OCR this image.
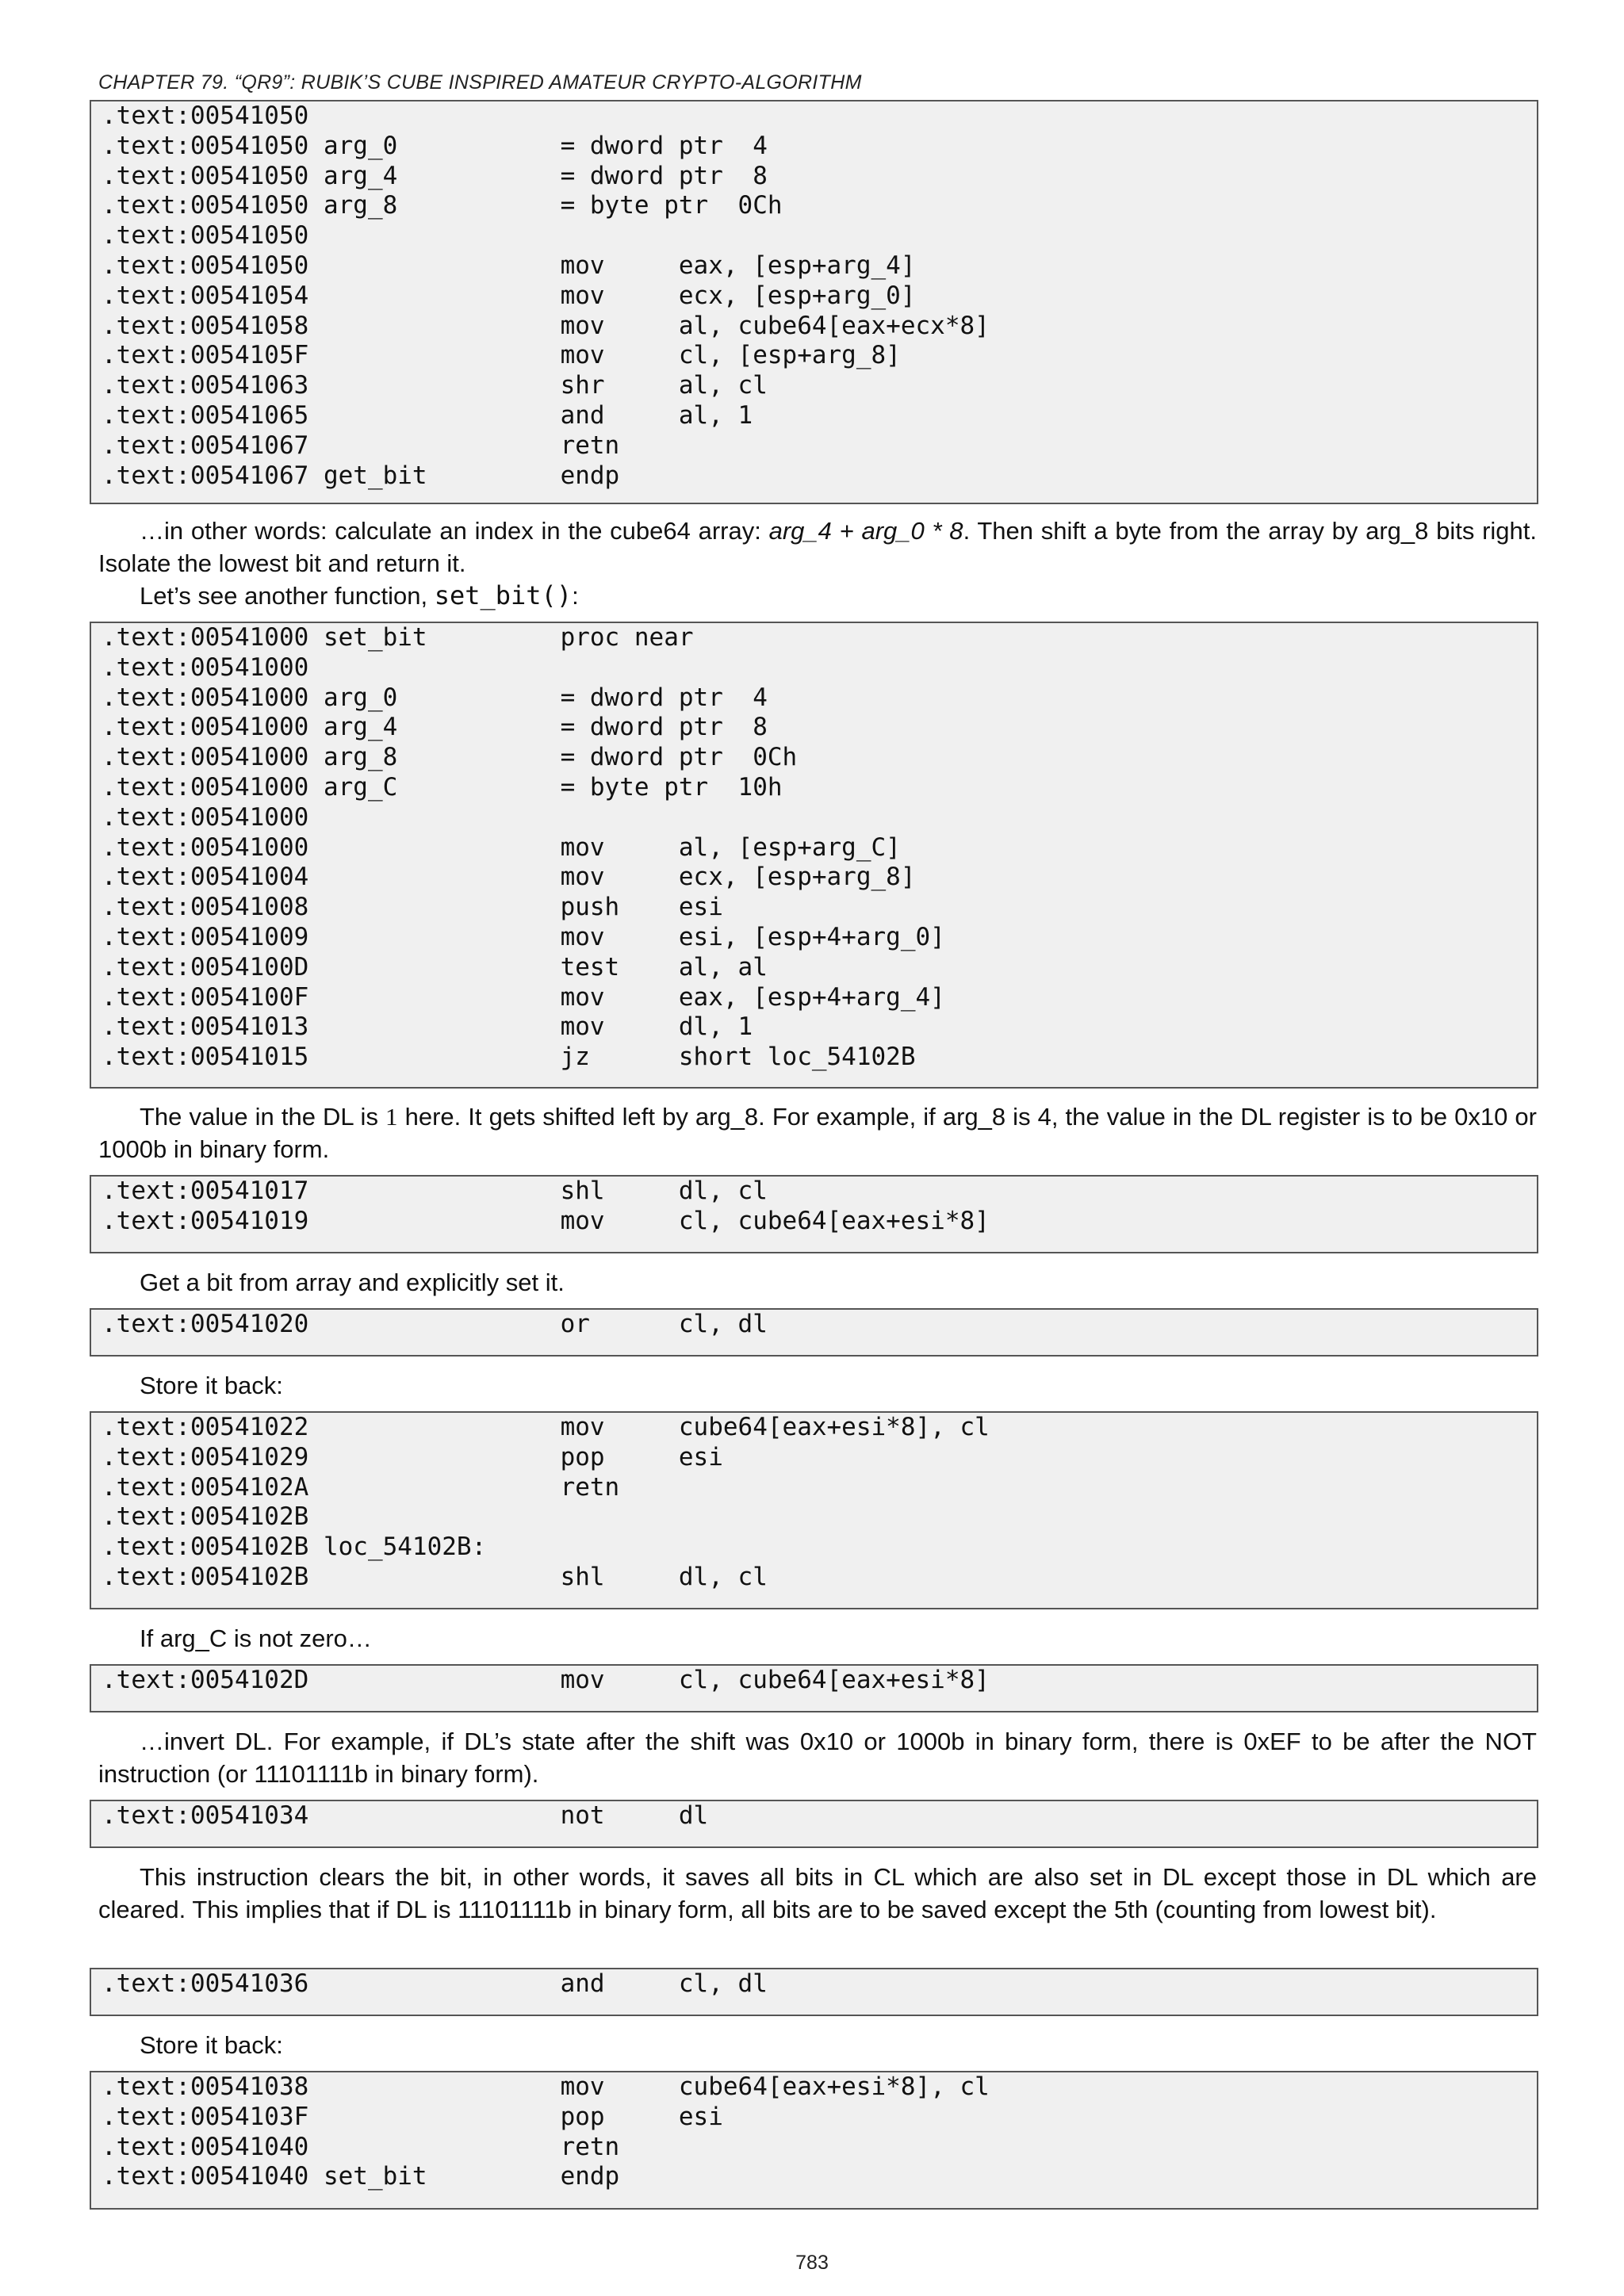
CHAPTER 79. “QR9”: RUBIK’S CUBE INSPIRED AMATEUR CRYPTO-ALGORITHM
.text:00541050
.text:00541050 arg_0           = dword ptr  4
.text:00541050 arg_4           = dword ptr  8
.text:00541050 arg_8           = byte ptr  0Ch
.text:00541050
.text:00541050                 mov     eax, [esp+arg_4]
.text:00541054                 mov     ecx, [esp+arg_0]
.text:00541058                 mov     al, cube64[eax+ecx*8]
.text:0054105F                 mov     cl, [esp+arg_8]
.text:00541063                 shr     al, cl
.text:00541065                 and     al, 1
.text:00541067                 retn
.text:00541067 get_bit         endp

…in other words: calculate an index in the cube64 array: arg_4 + arg_0 * 8. Then shift a byte from the array by arg_8 bits right. Isolate the lowest bit and return it.

Let’s see another function, set_bit():

.text:00541000 set_bit         proc near
.text:00541000
.text:00541000 arg_0           = dword ptr  4
.text:00541000 arg_4           = dword ptr  8
.text:00541000 arg_8           = dword ptr  0Ch
.text:00541000 arg_C           = byte ptr  10h
.text:00541000
.text:00541000                 mov     al, [esp+arg_C]
.text:00541004                 mov     ecx, [esp+arg_8]
.text:00541008                 push    esi
.text:00541009                 mov     esi, [esp+4+arg_0]
.text:0054100D                 test    al, al
.text:0054100F                 mov     eax, [esp+4+arg_4]
.text:00541013                 mov     dl, 1
.text:00541015                 jz      short loc_54102B

The value in the DL is 1 here. It gets shifted left by arg_8. For example, if arg_8 is 4, the value in the DL register is to be 0x10 or 1000b in binary form.

.text:00541017                 shl     dl, cl
.text:00541019                 mov     cl, cube64[eax+esi*8]

Get a bit from array and explicitly set it.

.text:00541020                 or      cl, dl

Store it back:

.text:00541022                 mov     cube64[eax+esi*8], cl
.text:00541029                 pop     esi
.text:0054102A                 retn
.text:0054102B
.text:0054102B loc_54102B:
.text:0054102B                 shl     dl, cl

If arg_C is not zero…

.text:0054102D                 mov     cl, cube64[eax+esi*8]

…invert DL. For example, if DL’s state after the shift was 0x10 or 1000b in binary form, there is 0xEF to be after the NOT instruction (or 11101111b in binary form).

.text:00541034                 not     dl

This instruction clears the bit, in other words, it saves all bits in CL which are also set in DL except those in DL which are cleared. This implies that if DL is 11101111b in binary form, all bits are to be saved except the 5th (counting from lowest bit).

.text:00541036                 and     cl, dl

Store it back:

.text:00541038                 mov     cube64[eax+esi*8], cl
.text:0054103F                 pop     esi
.text:00541040                 retn
.text:00541040 set_bit         endp
783
